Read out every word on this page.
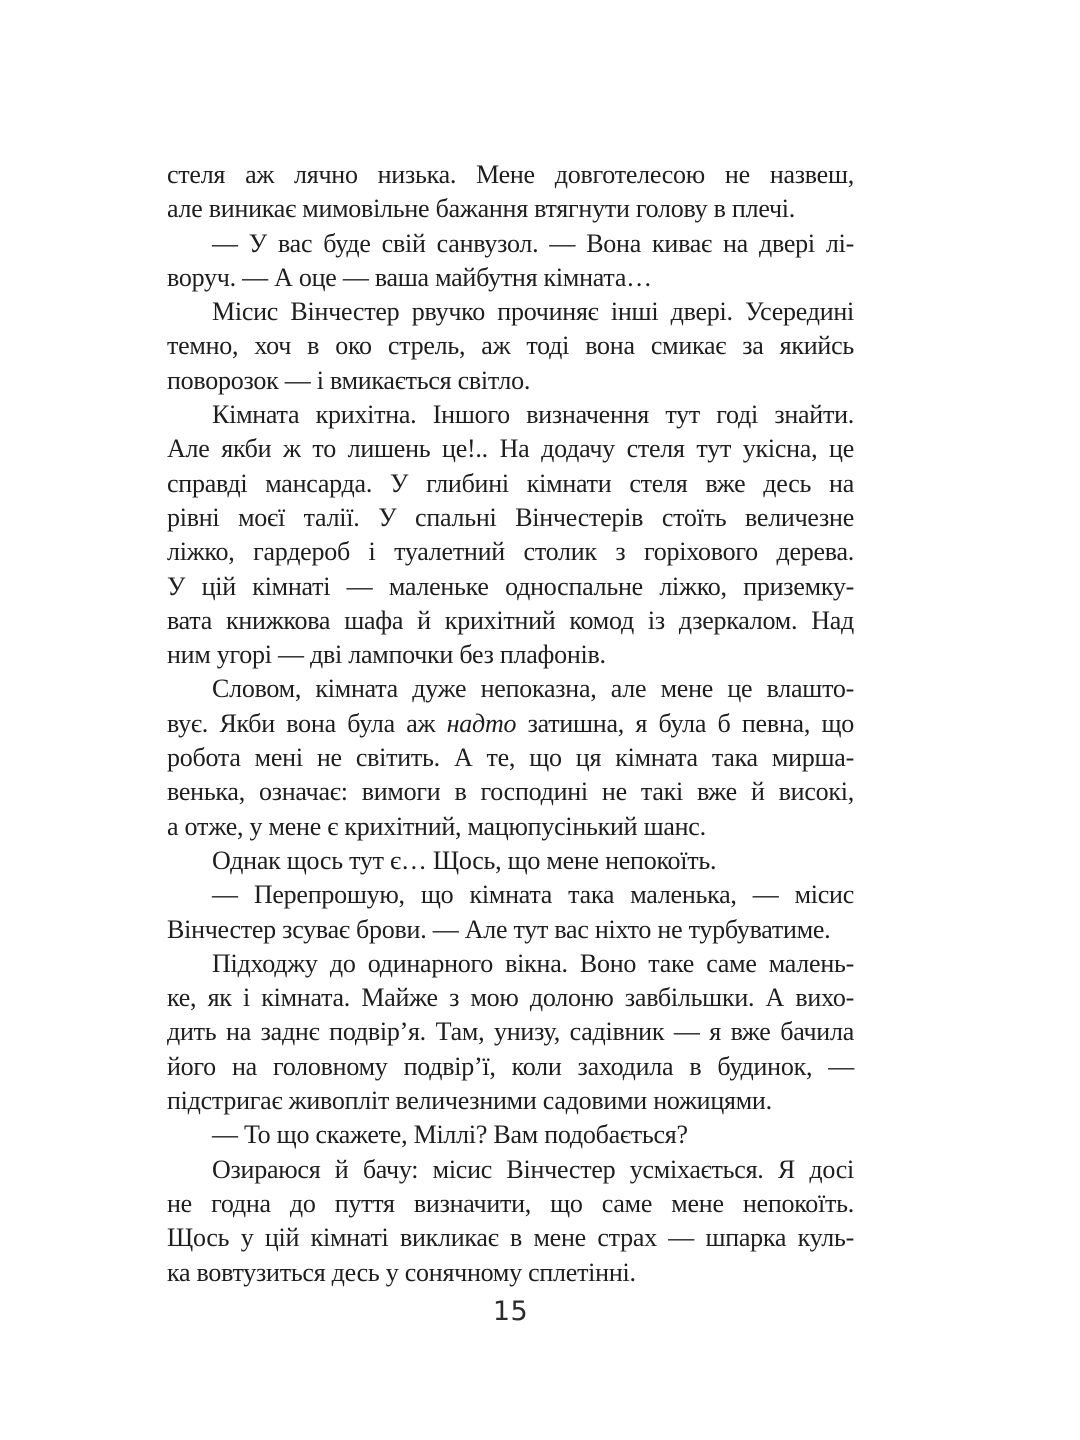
стеля аж лячно низька. Мене довготелесою не назвеш,
але виникає мимовільне бажання втягнути голову в плечі.
— У вас буде свій санвузол. — Вона киває на двері лі-
воруч. — А оце — ваша майбутня кімната…
Місис Вінчестер рвучко прочиняє інші двері. Усередині
темно, хоч в око стрель, аж тоді вона смикає за якийсь
поворозок — і вмикається світло.
Кімната крихітна. Іншого визначення тут годі знайти.
Але якби ж то лишень це!.. На додачу стеля тут укісна, це
справді мансарда. У глибині кімнати стеля вже десь на
рівні моєї талії. У спальні Вінчестерів стоїть величезне
ліжко, гардероб і туалетний столик з горіхового дерева.
У цій кімнаті — маленьке односпальне ліжко, приземку-
вата книжкова шафа й крихітний комод із дзеркалом. Над
ним угорі — дві лампочки без плафонів.
Словом, кімната дуже непоказна, але мене це влашто-
вує. Якби вона була аж надто затишна, я була б певна, що
робота мені не світить. А те, що ця кімната така мирша-
венька, означає: вимоги в господині не такі вже й високі,
а отже, у мене є крихітний, мацюпусінький шанс.
Однак щось тут є… Щось, що мене непокоїть.
— Перепрошую, що кімната така маленька, — місис
Вінчестер зсуває брови. — Але тут вас ніхто не турбуватиме.
Підходжу до одинарного вікна. Воно таке саме малень-
ке, як і кімната. Майже з мою долоню завбільшки. А вихо-
дить на заднє подвір’я. Там, унизу, садівник — я вже бачила
його на головному подвір’ї, коли заходила в будинок, —
підстригає живопліт величезними садовими ножицями.
— То що скажете, Міллі? Вам подобається?
Озираюся й бачу: місис Вінчестер усміхається. Я досі
не годна до пуття визначити, що саме мене непокоїть.
Щось у цій кімнаті викликає в мене страх — шпарка куль-
ка вовтузиться десь у сонячному сплетінні.
15
